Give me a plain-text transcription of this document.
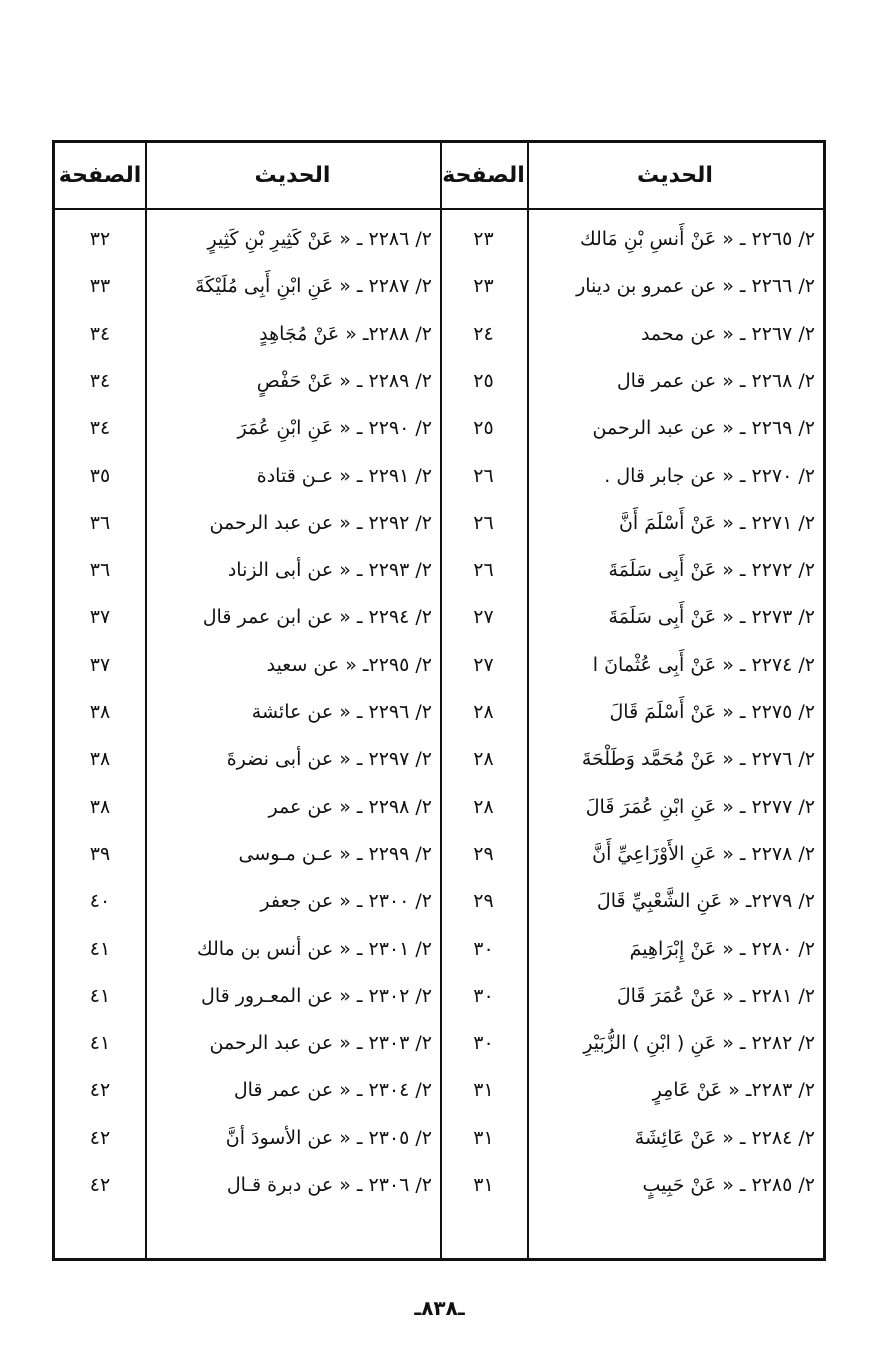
الحديث
الصفحة
الحديث
الصفحة
٢/ ٢٢٦٥ ـ « عَنْ أَنسِ بْنِ مَالك
٢٣
٢/ ٢٢٦٦ ـ « عن عمرو بن دينار
٢٣
٢/ ٢٢٦٧ ـ « عن محمد
٢٤
٢/ ٢٢٦٨ ـ « عن عمر قال
٢٥
٢/ ٢٢٦٩ ـ « عن عبد الرحمن
٢٥
٢/ ٢٢٧٠ ـ « عن جابر قال .
٢٦
٢/ ٢٢٧١ ـ « عَنْ أَسْلَمَ أَنَّ
٢٦
٢/ ٢٢٧٢ ـ « عَنْ أَبِى سَلَمَةَ
٢٦
٢/ ٢٢٧٣ ـ « عَنْ أَبِى سَلَمَةَ
٢٧
٢/ ٢٢٧٤ ـ « عَنْ أَبِى عُثْمانَ ا
٢٧
٢/ ٢٢٧٥ ـ « عَنْ أَسْلَمَ قَالَ
٢٨
٢/ ٢٢٧٦ ـ « عَنْ مُحَمَّد وَطَلْحَةَ
٢٨
٢/ ٢٢٧٧ ـ « عَنِ ابْنِ عُمَرَ قَالَ
٢٨
٢/ ٢٢٧٨ ـ « عَنِ الأَوْزَاعِيِّ أَنَّ
٢٩
٢/ ٢٢٧٩ـ « عَنِ الشَّعْبِيِّ قَالَ
٢٩
٢/ ٢٢٨٠ ـ « عَنْ إِبْرَاهِيمَ
٣٠
٢/ ٢٢٨١ ـ « عَنْ عُمَرَ قَالَ
٣٠
٢/ ٢٢٨٢ ـ « عَنِ ( ابْنِ ) الزُّبَيْرِ
٣٠
٢/ ٢٢٨٣ـ « عَنْ عَامِرٍ
٣١
٢/ ٢٢٨٤ ـ « عَنْ عَائِشَةَ
٣١
٢/ ٢٢٨٥ ـ « عَنْ حَبِيبٍ
٣١
٢/ ٢٢٨٦ ـ « عَنْ كَثِيرِ بْنِ كَثِيرٍ
٣٢
٢/ ٢٢٨٧ ـ « عَنِ ابْنِ أَبِى مُلَيْكَةَ
٣٣
٢/ ٢٢٨٨ـ « عَنْ مُجَاهِدٍ
٣٤
٢/ ٢٢٨٩ ـ « عَنْ حَفْصٍ
٣٤
٢/ ٢٢٩٠ ـ « عَنِ ابْنِ عُمَرَ
٣٤
٢/ ٢٢٩١ ـ « عـن قتادة
٣٥
٢/ ٢٢٩٢ ـ « عن عبد الرحمن
٣٦
٢/ ٢٢٩٣ ـ « عن أبى الزناد
٣٦
٢/ ٢٢٩٤ ـ « عن ابن عمر قال
٣٧
٢/ ٢٢٩٥ـ « عن سعيد
٣٧
٢/ ٢٢٩٦ ـ « عن عائشة
٣٨
٢/ ٢٢٩٧ ـ « عن أبى نضرةَ
٣٨
٢/ ٢٢٩٨ ـ « عن عمر
٣٨
٢/ ٢٢٩٩ ـ « عـن مـوسى
٣٩
٢/ ٢٣٠٠ ـ « عن جعفر
٤٠
٢/ ٢٣٠١ ـ « عن أنس بن مالك
٤١
٢/ ٢٣٠٢ ـ « عن المعـرور قال
٤١
٢/ ٢٣٠٣ ـ « عن عبد الرحمن
٤١
٢/ ٢٣٠٤ ـ « عن عمر قال
٤٢
٢/ ٢٣٠٥ ـ « عن الأسودَ أنَّ
٤٢
٢/ ٢٣٠٦ ـ « عن دبرة قـال
٤٢
ـ٨٣٨ـ
